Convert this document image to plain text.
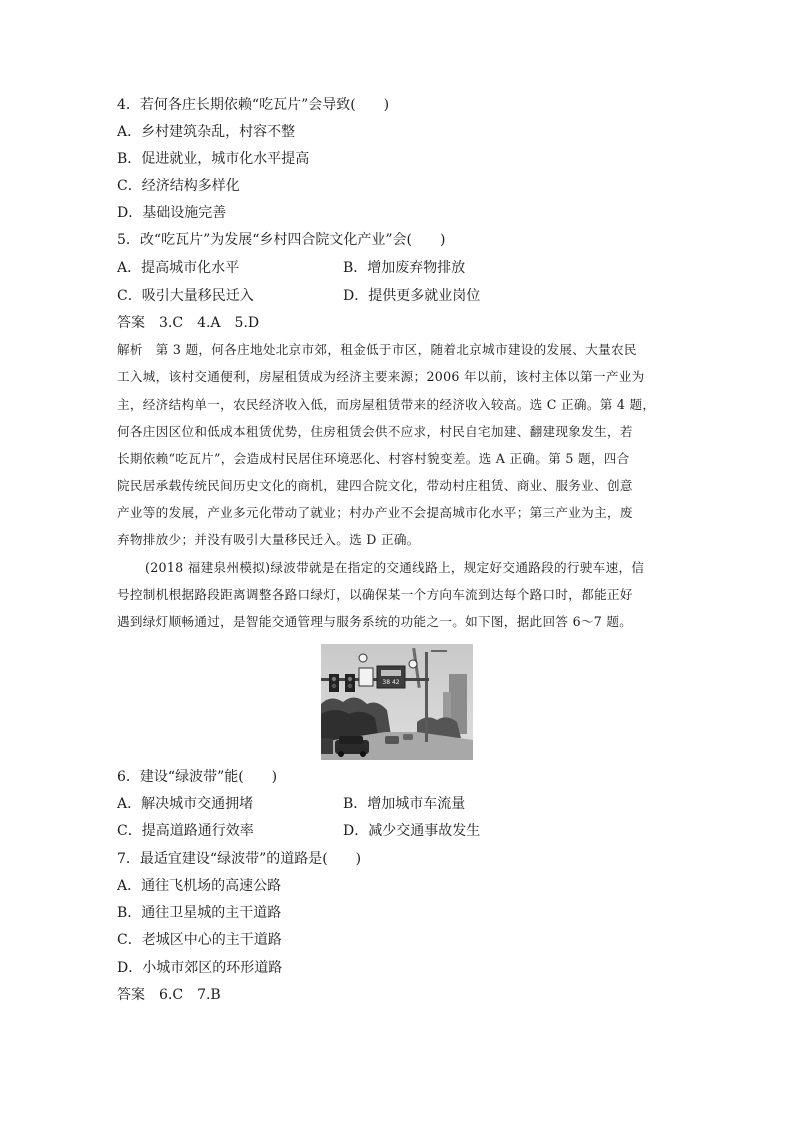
4．若何各庄长期依赖“吃瓦片”会导致(　　)
A．乡村建筑杂乱，村容不整
B．促进就业，城市化水平提高
C．经济结构多样化
D．基础设施完善
5．改“吃瓦片”为发展“乡村四合院文化产业”会(　　)
A．提高城市化水平	B．增加废弃物排放
C．吸引大量移民迁入	D．提供更多就业岗位
答案　3.C　4.A　5.D
解析　第 3 题，何各庄地处北京市郊，租金低于市区，随着北京城市建设的发展、大量农民
工入城，该村交通便利，房屋租赁成为经济主要来源；2006 年以前，该村主体以第一产业为
主，经济结构单一，农民经济收入低，而房屋租赁带来的经济收入较高。选 C 正确。第 4 题，
何各庄因区位和低成本租赁优势，住房租赁会供不应求，村民自宅加建、翻建现象发生，若
长期依赖“吃瓦片”，会造成村民居住环境恶化、村容村貌变差。选 A 正确。第 5 题，四合
院民居承载传统民间历史文化的商机，建四合院文化，带动村庄租赁、商业、服务业、创意
产业等的发展，产业多元化带动了就业；村办产业不会提高城市化水平；第三产业为主，废
弃物排放少；并没有吸引大量移民迁入。选 D 正确。
(2018 福建泉州模拟)绿波带就是在指定的交通线路上，规定好交通路段的行驶车速，信
号控制机根据路段距离调整各路口绿灯，以确保某一个方向车流到达每个路口时，都能正好
遇到绿灯顺畅通过，是智能交通管理与服务系统的功能之一。如下图，据此回答 6～7 题。
38 42
6．建设“绿波带”能(　　)
A．解决城市交通拥堵	B．增加城市车流量
C．提高道路通行效率	D．减少交通事故发生
7．最适宜建设“绿波带”的道路是(　　)
A．通往飞机场的高速公路
B．通往卫星城的主干道路
C．老城区中心的主干道路
D．小城市郊区的环形道路
答案　6.C　7.B
